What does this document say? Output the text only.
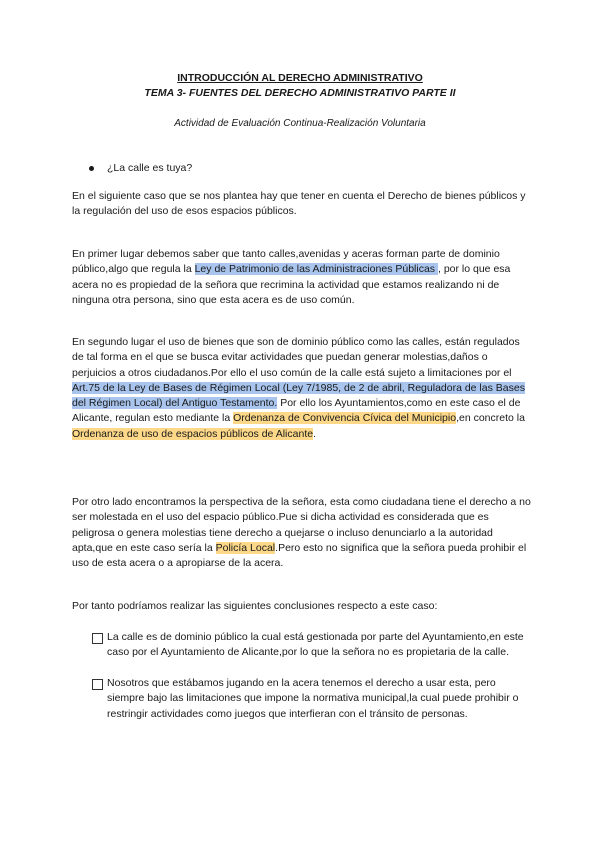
INTRODUCCIÓN AL DERECHO ADMINISTRATIVO
TEMA 3- FUENTES DEL DERECHO ADMINISTRATIVO PARTE II
Actividad de Evaluación Continua-Realización Voluntaria
¿La calle es tuya?
En el siguiente caso que se nos plantea hay que tener en cuenta el Derecho de bienes públicos y la regulación del uso de esos espacios públicos.
En primer lugar debemos saber que tanto calles,avenidas y aceras forman parte de dominio público,algo que regula la Ley de Patrimonio de las Administraciones Públicas , por lo que esa acera no es propiedad de la señora que recrimina la actividad que estamos realizando ni de ninguna otra persona, sino que esta acera es de uso común.
En segundo lugar el uso de bienes que son de dominio público como las calles, están regulados de tal forma en el que se busca evitar actividades que puedan generar molestias,daños o perjuicios a otros ciudadanos.Por ello el uso común de la calle está sujeto a limitaciones por el Art.75 de la Ley de Bases de Régimen Local (Ley 7/1985, de 2 de abril, Reguladora de las Bases del Régimen Local) del Antiguo Testamento. Por ello los Ayuntamientos,como en este caso el de Alicante, regulan esto mediante la Ordenanza de Convivencia Cívica del Municipio,en concreto la Ordenanza de uso de espacios públicos de Alicante.
Por otro lado encontramos la perspectiva de la señora, esta como ciudadana tiene el derecho a no ser molestada en el uso del espacio público.Pue si dicha actividad es considerada que es peligrosa o genera molestias tiene derecho a quejarse o incluso denunciarlo a la autoridad apta,que en este caso sería la Policía Local.Pero esto no significa que la señora pueda prohibir el uso de esta acera o a apropiarse de la acera.
Por tanto podríamos realizar las siguientes conclusiones respecto a este caso:
La calle es de dominio público la cual está gestionada por parte del Ayuntamiento,en este caso por el Ayuntamiento de Alicante,por lo que la señora no es propietaria de la calle.
Nosotros que estábamos jugando en la acera tenemos el derecho a usar esta, pero siempre bajo las limitaciones que impone la normativa municipal,la cual puede prohibir o restringir actividades como juegos que interfieran con el tránsito de personas.
